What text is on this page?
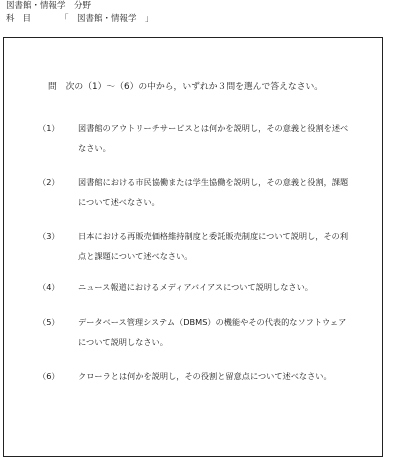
図書館・情報学 分野
科目	「　図書館・情報学　」
問　次の（1）～（6）の中から，いずれか３問を選んで答えなさい。
（1）	図書館のアウトリーチサービスとは何かを説明し，その意義と役割を述べ
なさい。
（2）	図書館における市民協働または学生協働を説明し，その意義と役割，課題
について述べなさい。
（3）	日本における再販売価格維持制度と委託販売制度について説明し，その利
点と課題について述べなさい。
（4）	ニュース報道におけるメディアバイアスについて説明しなさい。
（5）	データベース管理システム（DBMS）の機能やその代表的なソフトウェア
について説明しなさい。
（6）	クローラとは何かを説明し，その役割と留意点について述べなさい。
